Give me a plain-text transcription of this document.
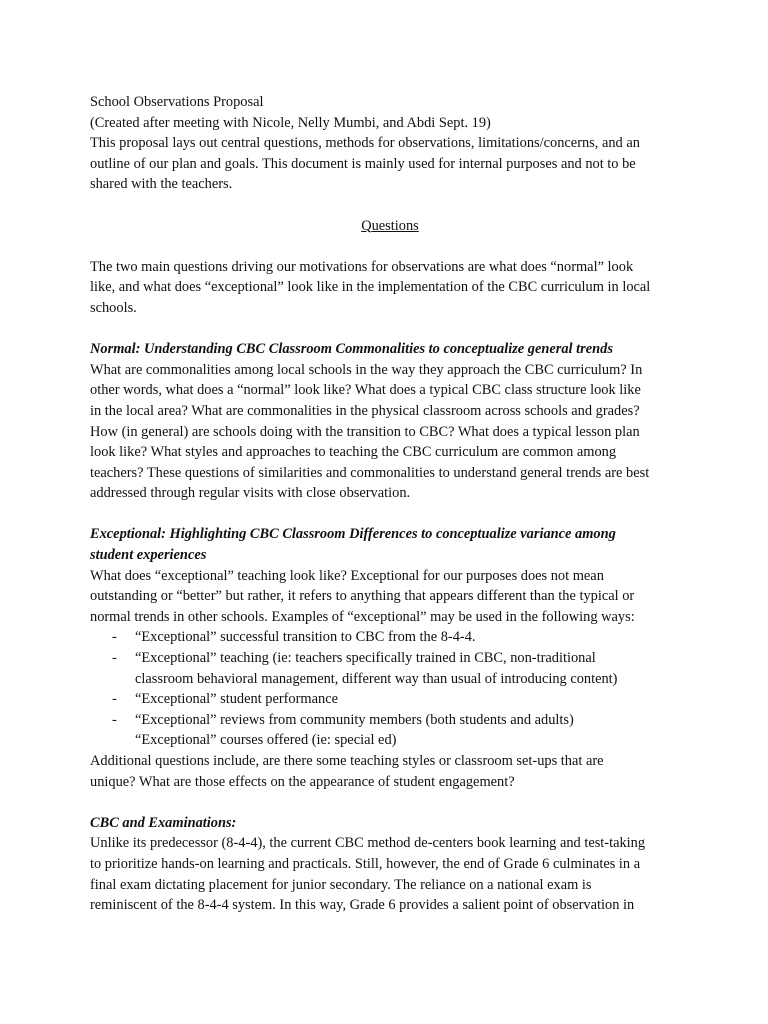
School Observations Proposal
(Created after meeting with Nicole, Nelly Mumbi, and Abdi Sept. 19)
This proposal lays out central questions, methods for observations, limitations/concerns, and an
outline of our plan and goals. This document is mainly used for internal purposes and not to be
shared with the teachers.
Questions
The two main questions driving our motivations for observations are what does “normal” look
like, and what does “exceptional” look like in the implementation of the CBC curriculum in local
schools.
Normal: Understanding CBC Classroom Commonalities to conceptualize general trends
What are commonalities among local schools in the way they approach the CBC curriculum? In
other words, what does a “normal” look like? What does a typical CBC class structure look like
in the local area? What are commonalities in the physical classroom across schools and grades?
How (in general) are schools doing with the transition to CBC? What does a typical lesson plan
look like? What styles and approaches to teaching the CBC curriculum are common among
teachers? These questions of similarities and commonalities to understand general trends are best
addressed through regular visits with close observation.
Exceptional: Highlighting CBC Classroom Differences to conceptualize variance among
student experiences
What does “exceptional” teaching look like? Exceptional for our purposes does not mean
outstanding or “better” but rather, it refers to anything that appears different than the typical or
normal trends in other schools. Examples of “exceptional” may be used in the following ways:
- “Exceptional” successful transition to CBC from the 8-4-4.
- “Exceptional” teaching (ie: teachers specifically trained in CBC, non-traditional
classroom behavioral management, different way than usual of introducing content)
- “Exceptional” student performance
- “Exceptional” reviews from community members (both students and adults)
“Exceptional” courses offered (ie: special ed)
Additional questions include, are there some teaching styles or classroom set-ups that are
unique? What are those effects on the appearance of student engagement?
CBC and Examinations:
Unlike its predecessor (8-4-4), the current CBC method de-centers book learning and test-taking
to prioritize hands-on learning and practicals. Still, however, the end of Grade 6 culminates in a
final exam dictating placement for junior secondary. The reliance on a national exam is
reminiscent of the 8-4-4 system. In this way, Grade 6 provides a salient point of observation in
